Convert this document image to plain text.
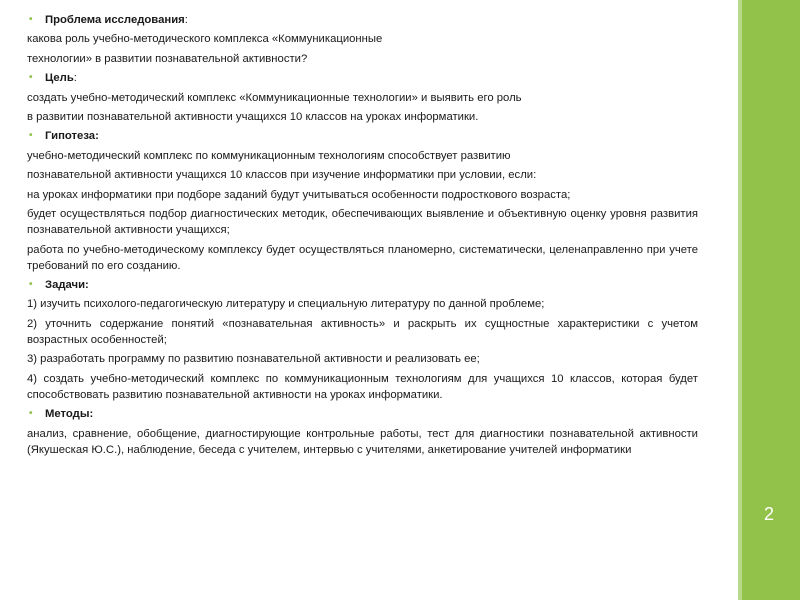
• Проблема исследования:
какова роль учебно-методического комплекса «Коммуникационные
технологии» в развитии познавательной активности?
• Цель:
создать учебно-методический комплекс «Коммуникационные технологии» и выявить его роль
в развитии познавательной активности учащихся 10 классов на уроках информатики.
• Гипотеза:
учебно-методический комплекс по коммуникационным технологиям способствует развитию
познавательной активности учащихся 10 классов при изучение информатики при условии, если:
на уроках информатики при подборе заданий будут учитываться особенности подросткового возраста;
будет осуществляться подбор диагностических методик, обеспечивающих выявление и объективную оценку уровня развития познавательной активности учащихся;
работа по учебно-методическому комплексу будет осуществляться планомерно, систематически, целенаправленно при учете требований по его созданию.
• Задачи:
1) изучить психолого-педагогическую литературу и специальную литературу по данной проблеме;
2) уточнить содержание понятий «познавательная активность» и раскрыть их сущностные характеристики с учетом возрастных особенностей;
3) разработать программу по развитию познавательной активности и реализовать ее;
4) создать учебно-методический комплекс по коммуникационным технологиям для учащихся 10 классов, которая будет способствовать развитию познавательной активности на уроках информатики.
• Методы:
анализ, сравнение, обобщение, диагностирующие контрольные работы, тест для диагностики познавательной активности (Якушеская Ю.С.), наблюдение, беседа с учителем, интервью с учителями, анкетирование учителей информатики
2
